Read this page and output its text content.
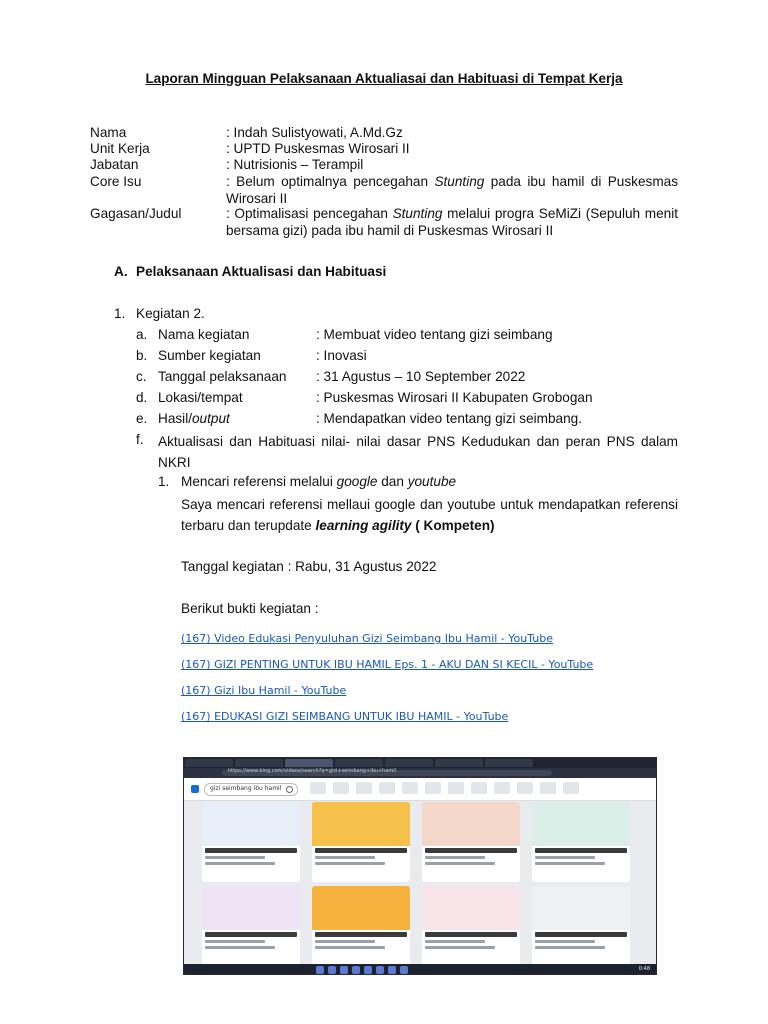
Laporan Mingguan Pelaksanaan Aktualiasai dan Habituasi di Tempat Kerja
Nama	: Indah Sulistyowati, A.Md.Gz
Unit Kerja	: UPTD Puskesmas Wirosari II
Jabatan	: Nutrisionis – Terampil
Core Isu	: Belum optimalnya pencegahan Stunting pada ibu hamil di Puskesmas Wirosari II
Gagasan/Judul	: Optimalisasi pencegahan Stunting melalui progra SeMiZi (Sepuluh menit bersama gizi) pada ibu hamil di Puskesmas Wirosari II
A. Pelaksanaan Aktualisasi dan Habituasi
1. Kegiatan 2.
a. Nama kegiatan	: Membuat video tentang gizi seimbang
b. Sumber kegiatan	: Inovasi
c. Tanggal pelaksanaan : 31 Agustus – 10 September 2022
d. Lokasi/tempat	: Puskesmas Wirosari II Kabupaten Grobogan
e. Hasil/output	: Mendapatkan video tentang gizi seimbang.
f. Aktualisasi dan Habituasi nilai- nilai dasar PNS Kedudukan dan peran PNS dalam NKRI
1. Mencari referensi melalui google dan youtube
Saya mencari referensi mellaui google dan youtube untuk mendapatkan referensi terbaru dan terupdate learning agility ( Kompeten)
Tanggal kegiatan : Rabu, 31 Agustus 2022
Berikut bukti kegiatan :
(167) Video Edukasi Penyuluhan Gizi Seimbang Ibu Hamil - YouTube
(167) GIZI PENTING UNTUK IBU HAMIL Eps. 1 - AKU DAN SI KECIL - YouTube
(167) Gizi Ibu Hamil - YouTube
(167) EDUKASI GIZI SEIMBANG UNTUK IBU HAMIL - YouTube
https://www.bing.com/videos/search?q=gizi+seimbang+ibu+hamil
gizi seimbang ibu hamil
0:48
